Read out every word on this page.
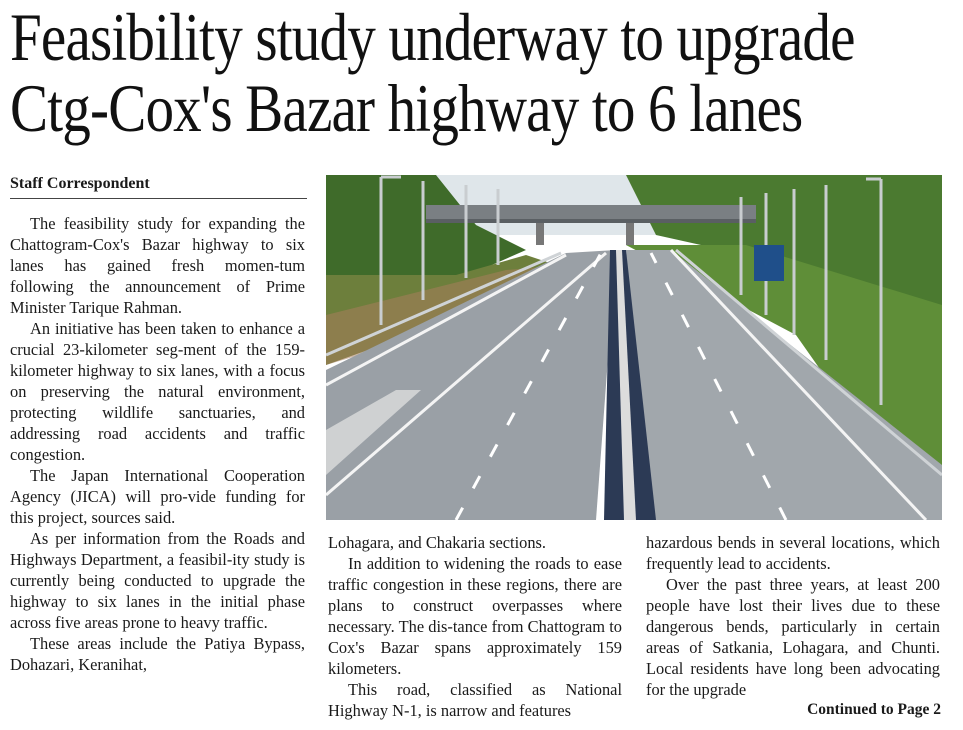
Feasibility study underway to upgrade
Ctg-Cox's Bazar highway to 6 lanes
Staff Correspondent

The feasibility study for expanding the Chattogram-Cox's Bazar highway to six lanes has gained fresh momen-tum following the announcement of Prime Minister Tarique Rahman.

An initiative has been taken to enhance a crucial 23-kilometer seg-ment of the 159-kilometer highway to six lanes, with a focus on preserving the natural environment, protecting wildlife sanctuaries, and addressing road accidents and traffic congestion.

The Japan International Cooperation Agency (JICA) will pro-vide funding for this project, sources said.

As per information from the Roads and Highways Department, a feasibil-ity study is currently being conducted to upgrade the highway to six lanes in the initial phase across five areas prone to heavy traffic.

These areas include the Patiya Bypass, Dohazari, Keranihat,

Lohagara, and Chakaria sections.

In addition to widening the roads to ease traffic congestion in these regions, there are plans to construct overpasses where necessary. The dis-tance from Chattogram to Cox's Bazar spans approximately 159 kilometers.

This road, classified as National Highway N-1, is narrow and features

hazardous bends in several locations, which frequently lead to accidents.

Over the past three years, at least 200 people have lost their lives due to these dangerous bends, particularly in certain areas of Satkania, Lohagara, and Chunti. Local residents have long been advocating for the upgrade

Continued to Page 2
